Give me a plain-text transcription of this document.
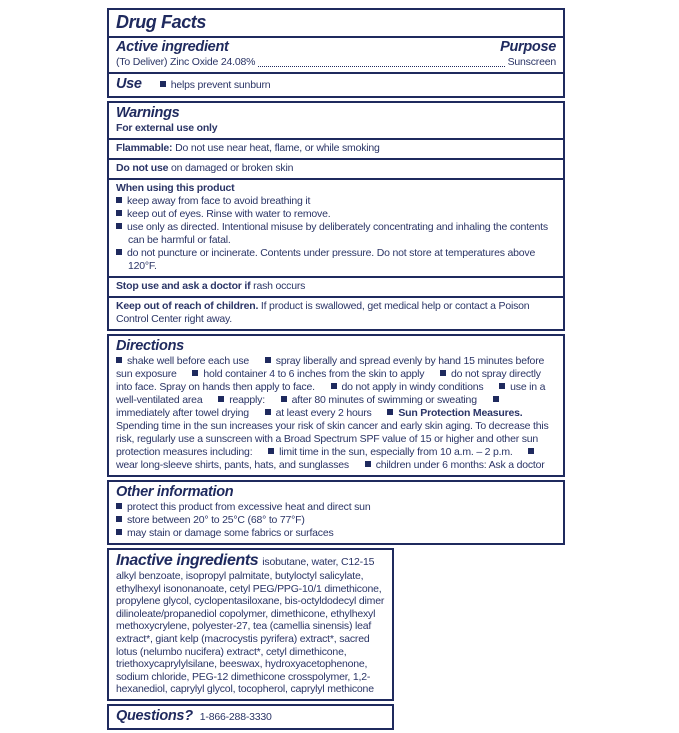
Drug Facts
Active ingredient	Purpose
(To Deliver) Zinc Oxide 24.08%	Sunscreen
Use	helps prevent sunburn
Warnings
For external use only
Flammable: Do not use near heat, flame, or while smoking
Do not use on damaged or broken skin
When using this product
keep away from face to avoid breathing it
keep out of eyes. Rinse with water to remove.
use only as directed. Intentional misuse by deliberately concentrating and inhaling the contents can be harmful or fatal.
do not puncture or incinerate. Contents under pressure. Do not store at temperatures above 120°F.
Stop use and ask a doctor if rash occurs
Keep out of reach of children. If product is swallowed, get medical help or contact a Poison Control Center right away.
Directions
shake well before each use	spray liberally and spread evenly by hand 15 minutes before sun exposure	hold container 4 to 6 inches from the skin to apply	do not spray directly into face. Spray on hands then apply to face.	do not apply in windy conditions	use in a well-ventilated area	reapply:	after 80 minutes of swimming or sweating immediately after towel drying	at least every 2 hours	Sun Protection Measures. Spending time in the sun increases your risk of skin cancer and early skin aging. To decrease this risk, regularly use a sunscreen with a Broad Spectrum SPF value of 15 or higher and other sun protection measures including:	limit time in the sun, especially from 10 a.m. – 2 p.m. wear long-sleeve shirts, pants, hats, and sunglasses	children under 6 months: Ask a doctor
Other information
protect this product from excessive heat and direct sun
store between 20° to 25°C (68° to 77°F)
may stain or damage some fabrics or surfaces

Inactive ingredients isobutane, water, C12-15 alkyl benzoate, isopropyl palmitate, butyloctyl salicylate, ethylhexyl isononanoate, cetyl PEG/PPG-10/1 dimethicone, propylene glycol, cyclopentasiloxane, bis-octyldodecyl dimer dilinoleate/propanediol copolymer, dimethicone, ethylhexyl methoxycrylene, polyester-27, tea (camellia sinensis) leaf extract*, giant kelp (macrocystis pyrifera) extract*, sacred lotus (nelumbo nucifera) extract*, cetyl dimethicone, triethoxycaprylylsilane, beeswax, hydroxyacetophenone, sodium chloride, PEG-12 dimethicone crosspolymer, 1,2-hexanediol, caprylyl glycol, tocopherol, caprylyl methicone

Questions? 1-866-288-3330
